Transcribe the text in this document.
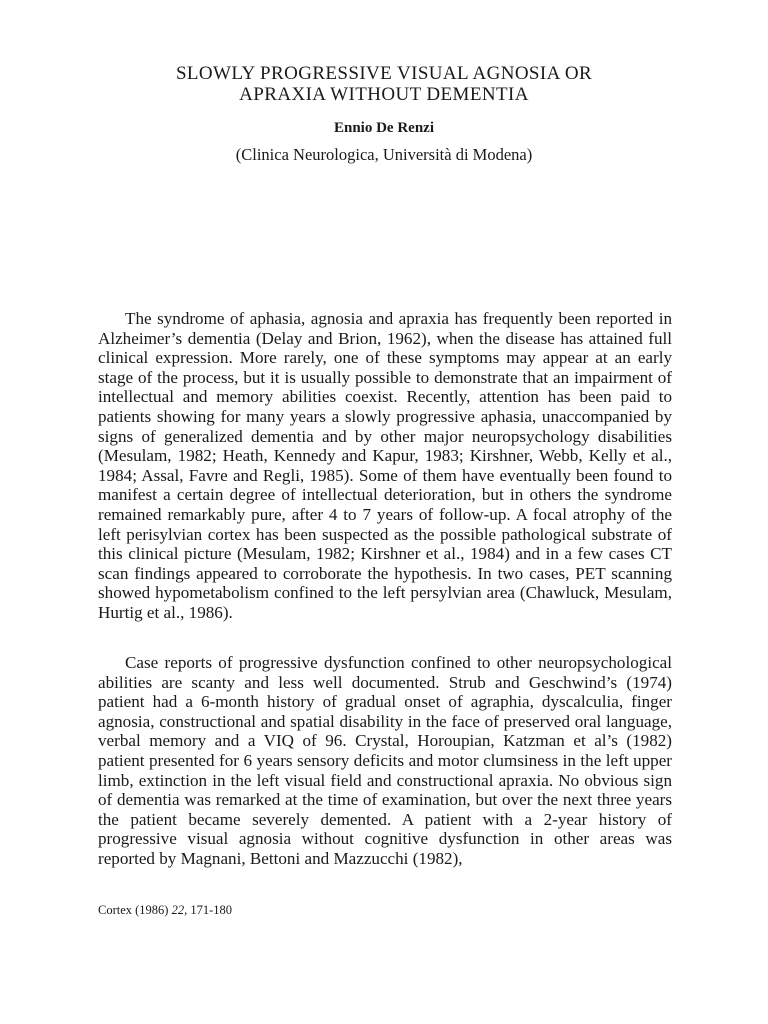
SLOWLY PROGRESSIVE VISUAL AGNOSIA OR
APRAXIA WITHOUT DEMENTIA
Ennio De Renzi
(Clinica Neurologica, Università di Modena)

The syndrome of aphasia, agnosia and apraxia has frequently been reported in Alzheimer’s dementia (Delay and Brion, 1962), when the disease has attained full clinical expression. More rarely, one of these symptoms may appear at an early stage of the process, but it is usually possible to demonstrate that an impairment of intellectual and memory abilities coexist. Recently, attention has been paid to patients showing for many years a slowly progressive aphasia, unaccompanied by signs of generalized dementia and by other major neuropsychology disabilities (Mesulam, 1982; Heath, Kennedy and Kapur, 1983; Kirshner, Webb, Kelly et al., 1984; Assal, Favre and Regli, 1985). Some of them have eventually been found to manifest a certain degree of intellectual deterioration, but in others the syndrome remained remarkably pure, after 4 to 7 years of follow-up. A focal atrophy of the left perisylvian cortex has been suspected as the possible pathological substrate of this clinical picture (Mesulam, 1982; Kirshner et al., 1984) and in a few cases CT scan findings appeared to corroborate the hypothesis. In two cases, PET scanning showed hypometabolism confined to the left persylvian area (Chawluck, Mesulam, Hurtig et al., 1986).

Case reports of progressive dysfunction confined to other neuropsychological abilities are scanty and less well documented. Strub and Geschwind’s (1974) patient had a 6-month history of gradual onset of agraphia, dyscalculia, finger agnosia, constructional and spatial disability in the face of preserved oral language, verbal memory and a VIQ of 96. Crystal, Horoupian, Katzman et al’s (1982) patient presented for 6 years sensory deficits and motor clumsiness in the left upper limb, extinction in the left visual field and constructional apraxia. No obvious sign of dementia was remarked at the time of examination, but over the next three years the patient became severely demented. A patient with a 2-year history of progressive visual agnosia without cognitive dysfunction in other areas was reported by Magnani, Bettoni and Mazzucchi (1982),

Cortex (1986) 22, 171-180
